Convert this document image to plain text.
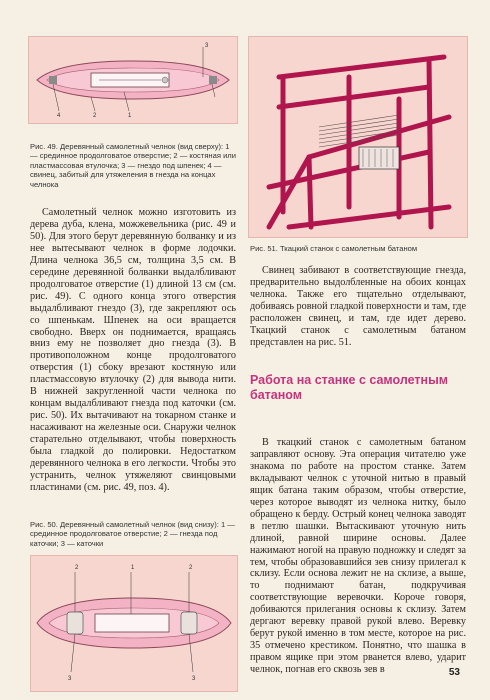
3
2	1
4
Рис. 49. Деревянный самолетный челнок (вид сверху): 1 — срединное продолговатое отверстие; 2 — костяная или пластмассовая втулочка; 3 — гнездо под шпенек; 4 — свинец, забитый для утяжеления в гнезда на концах челнока

Самолетный челнок можно изготовить из дерева дуба, клена, можжевельника (рис. 49 и 50). Для этого берут деревянную болванку и из нее вытесывают челнок в форме лодочки. Длина челнока 36,5 см, толщина 3,5 см. В середине деревянной болванки выдалбливают продолговатое отверстие (1) длиной 13 см (см. рис. 49). С одного конца этого отверстия выдалбливают гнездо (3), где закрепляют ось со шпенькам. Шпенек на оси вращается свободно. Вверх он поднимается, вращаясь вниз ему не позволяет дно гнезда (3). В противоположном конце продолговатого отверстия (1) сбоку врезают костяную или пластмассовую втулочку (2) для вывода нити. В нижней закругленной части челнока по концам выдалбливают гнезда под каточки (см. рис. 50). Их вытачивают на токарном станке и насаживают на железные оси. Снаружи челнок старательно отделывают, чтобы поверхность была гладкой до полировки. Недостатком деревянного челнока в его легкости. Чтобы это устранить, челнок утяжеляют свинцовыми пластинами (см. рис. 49, поз. 4).

Рис. 50. Деревянный самолетный челнок (вид снизу): 1 — срединное продолговатое отверстие; 2 — гнезда под каточки; 3 — каточки
2	1	2
3	3
Рис. 51. Ткацкий станок с самолетным батаном

Свинец забивают в соответствующие гнезда, предварительно выдолбленные на обоих концах челнока. Также его тщательно отделывают, добиваясь ровной гладкой поверхности и там, где расположен свинец, и там, где идет дерево. Ткацкий станок с самолетным батаном представлен на рис. 51.

Работа на станке с самолетным батаном

В ткацкий станок с самолетным батаном заправляют основу. Эта операция читателю уже знакома по работе на простом станке. Затем вкладывают челнок с уточной нитью в правый ящик батана таким образом, чтобы отверстие, через которое выводят из челнока нитку, было обращено к берду. Острый конец челнока заводят в петлю шашки. Вытаскивают уточную нить длиной, равной ширине основы. Далее нажимают ногой на правую подножку и следят за тем, чтобы образовавшийся зев снизу прилегал к склизу. Если основа лежит не на склизе, а выше, то поднимают батан, подкручивая соответствующие веревочки. Короче говоря, добиваются прилегания основы к склизу. Затем дергают веревку правой рукой влево. Веревку берут рукой именно в том месте, которое на рис. 35 отмечено крестиком. Понятно, что шашка в правом ящике при этом рванется влево, ударит челнок, погнав его сквозь зев в	53
